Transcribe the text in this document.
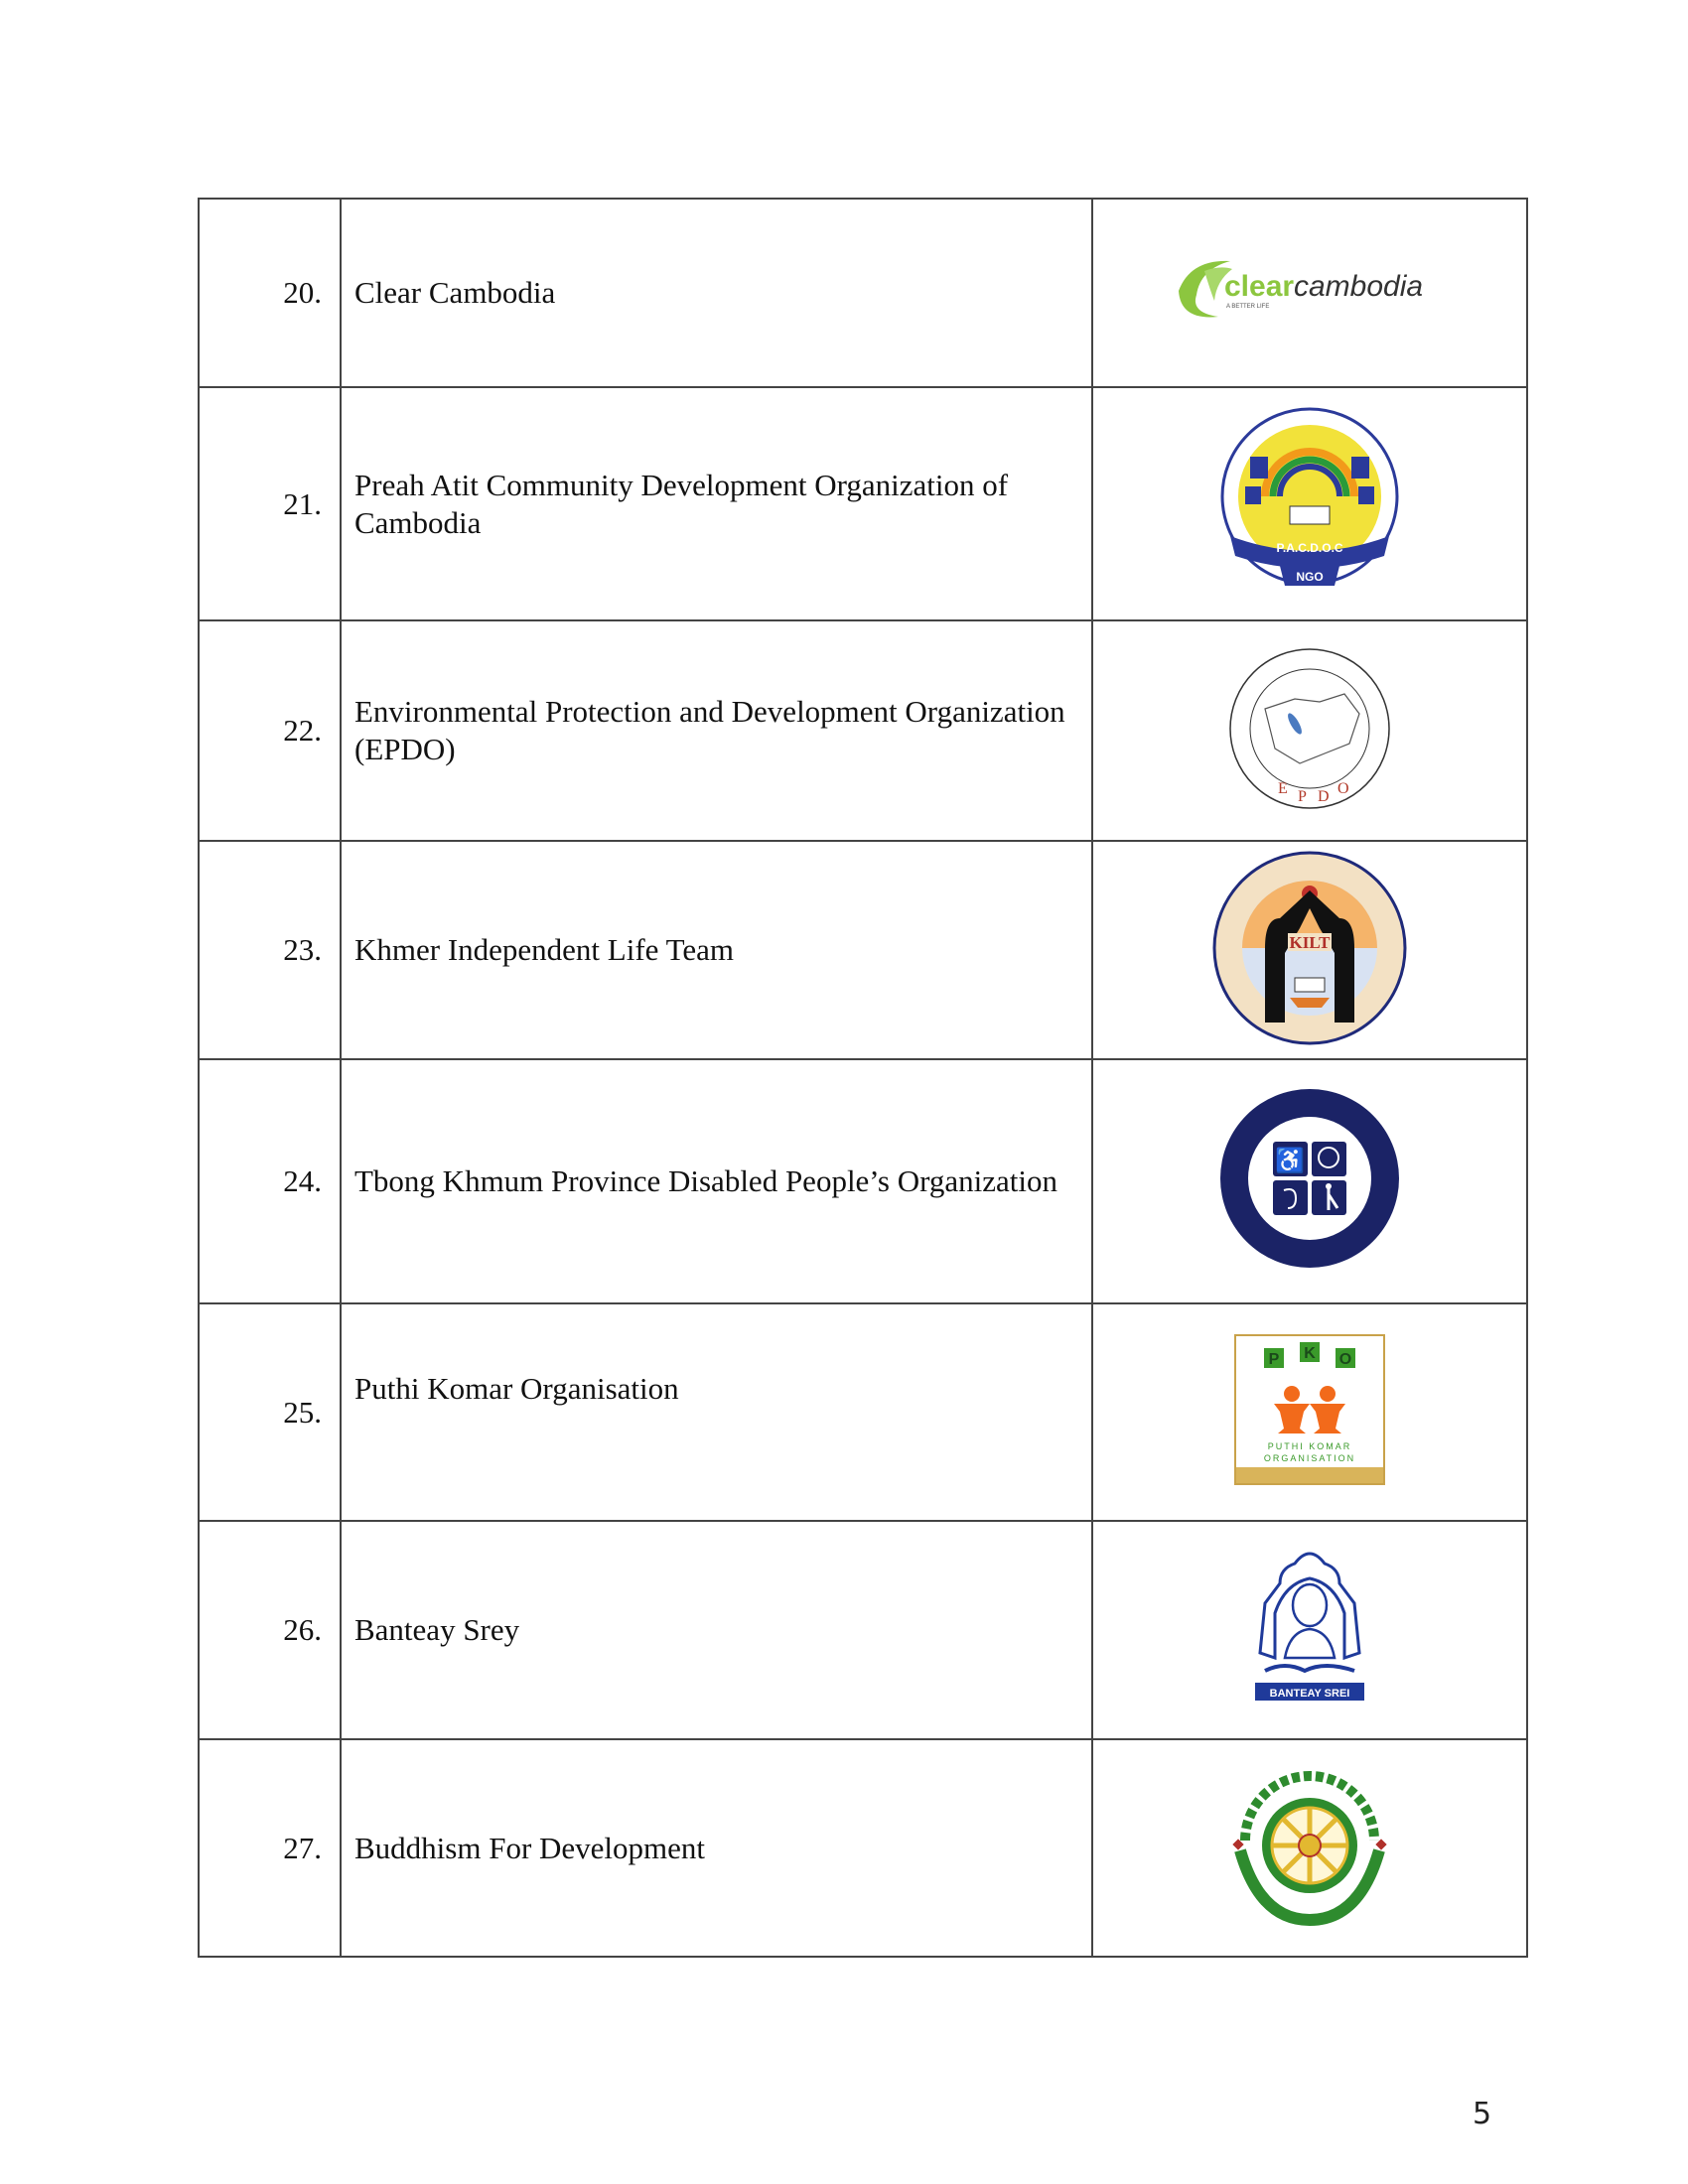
20.	Clear Cambodia	clear cambodia
A BETTER LIFE

21.	Preah Atit Community Development Organization of Cambodia	P.A.C.D.O.C
NGO

22.	Environmental Protection and Development Organization (EPDO)	E P D O

23.	Khmer Independent Life Team	KILT

24.	Tbong Khmum Province Disabled People’s Organization	♿

25.	Puthi Komar Organisation	P K O
PUTHI KOMAR
ORGANISATION

26.	Banteay Srey	BANTEAY SREI

27.	Buddhism For Development	
5
